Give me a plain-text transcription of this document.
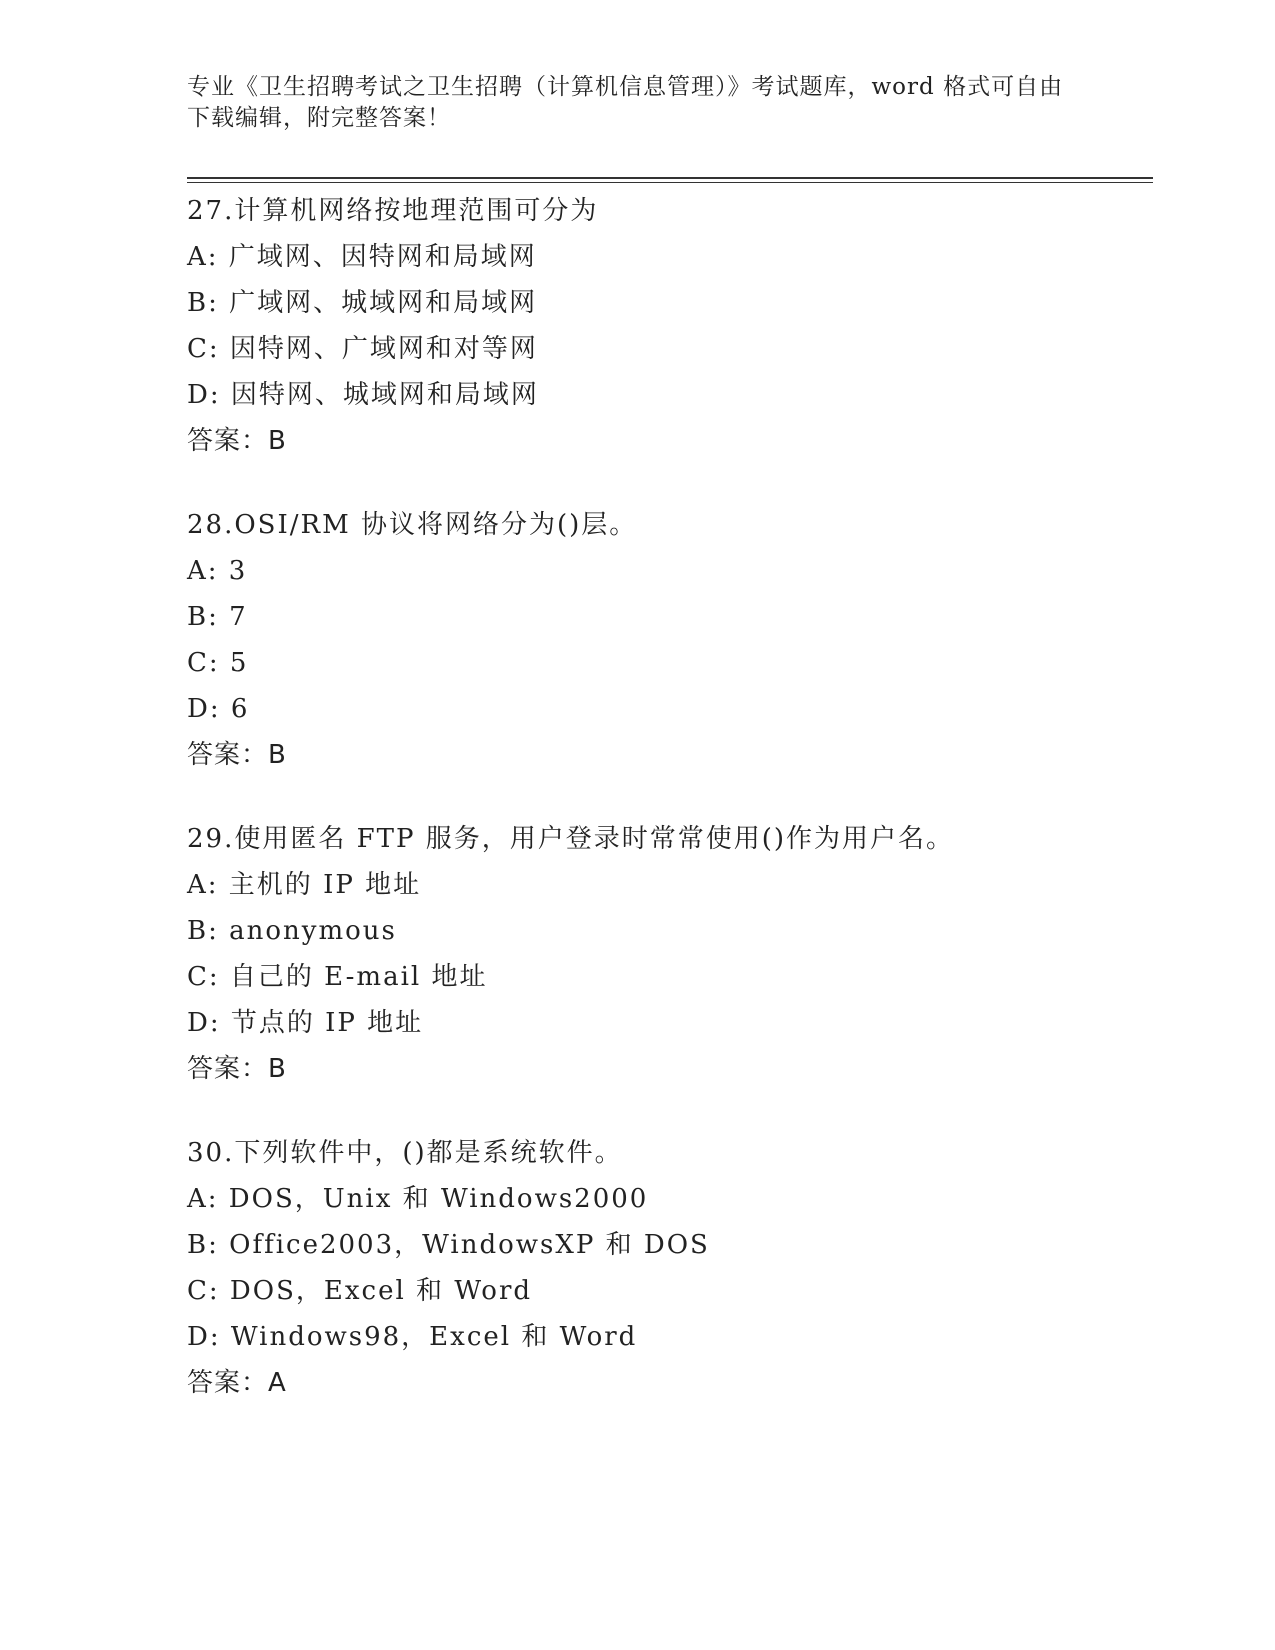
专业《卫生招聘考试之卫生招聘（计算机信息管理）》考试题库，word 格式可自由下载编辑，附完整答案！
27.计算机网络按地理范围可分为
A: 广域网、因特网和局域网
B: 广域网、城域网和局域网
C: 因特网、广域网和对等网
D: 因特网、城域网和局域网
答案：B
28.OSI/RM 协议将网络分为()层。
A: 3
B: 7
C: 5
D: 6
答案：B
29.使用匿名 FTP 服务，用户登录时常常使用()作为用户名。
A: 主机的 IP 地址
B: anonymous
C: 自己的 E-mail 地址
D: 节点的 IP 地址
答案：B
30.下列软件中，()都是系统软件。
A: DOS，Unix 和 Windows2000
B: Office2003，WindowsXP 和 DOS
C: DOS，Excel 和 Word
D: Windows98，Excel 和 Word
答案：A
